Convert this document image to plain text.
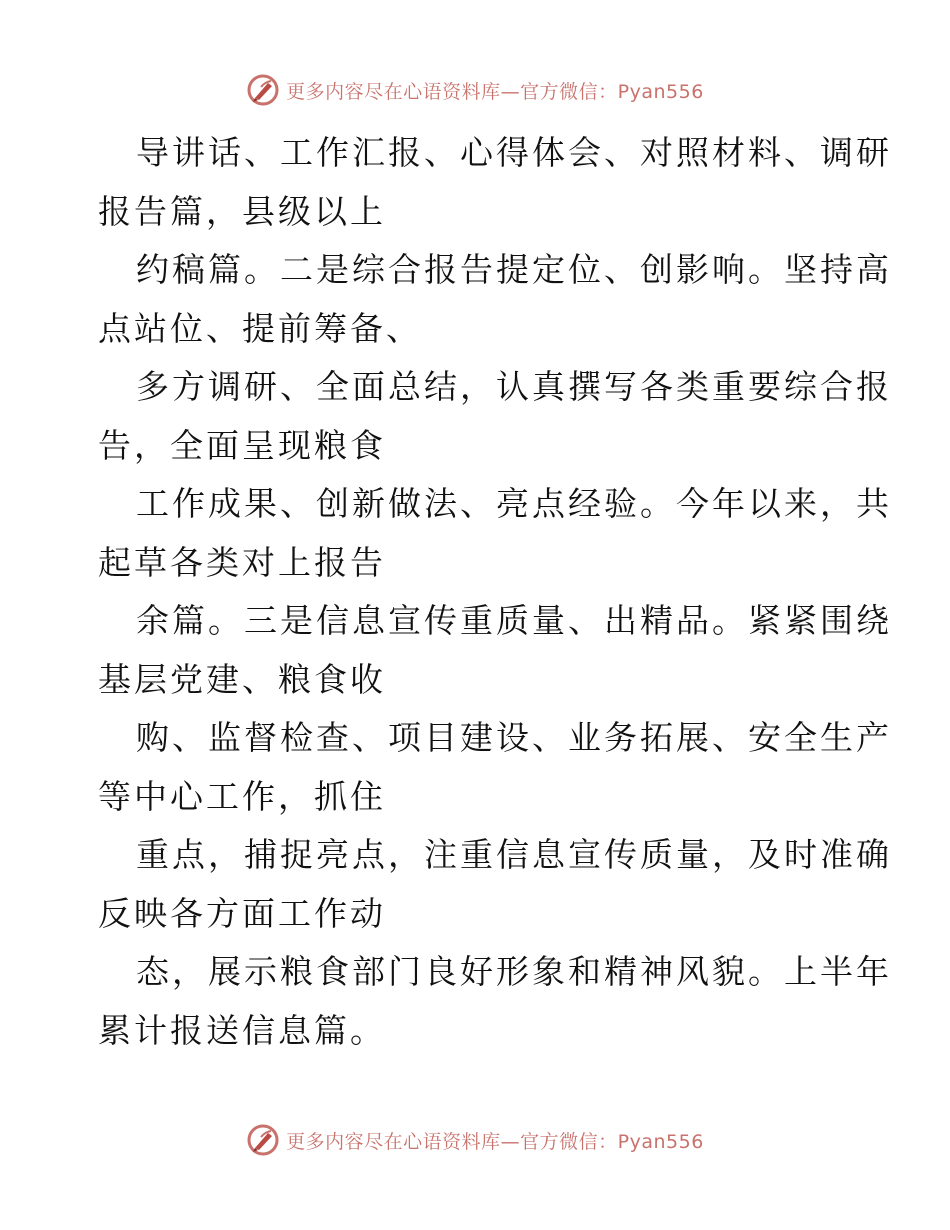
更多内容尽在心语资料库—官方微信：Pyan556
导讲话、工作汇报、心得体会、对照材料、调研
报告篇，县级以上
约稿篇。二是综合报告提定位、创影响。坚持高
点站位、提前筹备、
多方调研、全面总结，认真撰写各类重要综合报
告，全面呈现粮食
工作成果、创新做法、亮点经验。今年以来，共
起草各类对上报告
余篇。三是信息宣传重质量、出精品。紧紧围绕
基层党建、粮食收
购、监督检查、项目建设、业务拓展、安全生产
等中心工作，抓住
重点，捕捉亮点，注重信息宣传质量，及时准确
反映各方面工作动
态，展示粮食部门良好形象和精神风貌。上半年
累计报送信息篇。
更多内容尽在心语资料库—官方微信：Pyan556
